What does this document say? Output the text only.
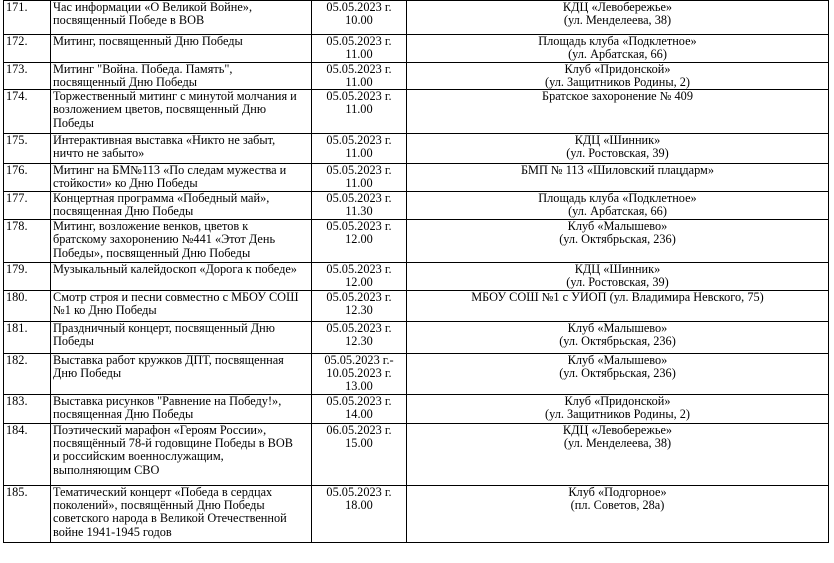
171.	Час информации «О Великой Войне»,
посвященный Победе в ВОВ	05.05.2023 г.
10.00	КДЦ «Левобережье»
(ул. Менделеева, 38)

172.	Митинг, посвященный Дню Победы	05.05.2023 г.
11.00	Площадь клуба «Подклетное»
(ул. Арбатская, 66)

173.	Митинг "Война. Победа. Память",
посвященный Дню Победы	05.05.2023 г.
11.00	Клуб «Придонской»
(ул. Защитников Родины, 2)

174.	Торжественный митинг с минутой молчания и
возложением цветов, посвященный Дню
Победы	05.05.2023 г.
11.00	Братское захоронение № 409

175.	Интерактивная выставка «Никто не забыт,
ничто не забыто»	05.05.2023 г.
11.00	КДЦ «Шинник»
(ул. Ростовская, 39)

176.	Митинг на БМ№113 «По следам мужества и
стойкости» ко Дню Победы	05.05.2023 г.
11.00	БМП № 113 «Шиловский плацдарм»

177.	Концертная программа «Победный май»,
посвященная Дню Победы	05.05.2023 г.
11.30	Площадь клуба «Подклетное»
(ул. Арбатская, 66)

178.	Митинг, возложение венков, цветов к
братскому захоронению №441 «Этот День
Победы», посвященный Дню Победы	05.05.2023 г.
12.00	Клуб «Малышево»
(ул. Октябрьская, 236)

179.	Музыкальный калейдоскоп «Дорога к победе»	05.05.2023 г.
12.00	КДЦ «Шинник»
(ул. Ростовская, 39)

180.	Смотр строя и песни совместно с МБОУ СОШ
№1 ко Дню Победы	05.05.2023 г.
12.30	МБОУ СОШ №1 с УИОП (ул. Владимира Невского, 75)

181.	Праздничный концерт, посвященный Дню
Победы	05.05.2023 г.
12.30	Клуб «Малышево»
(ул. Октябрьская, 236)

182.	Выставка работ кружков ДПТ, посвященная
Дню Победы	05.05.2023 г.-
10.05.2023 г.
13.00	Клуб «Малышево»
(ул. Октябрьская, 236)

183.	Выставка рисунков "Равнение на Победу!»,
посвященная Дню Победы	05.05.2023 г.
14.00	Клуб «Придонской»
(ул. Защитников Родины, 2)

184.	Поэтический марафон «Героям России»,
посвящённый 78-й годовщине Победы в ВОВ
и российским военнослужащим,
выполняющим СВО	06.05.2023 г.
15.00	КДЦ «Левобережье»
(ул. Менделеева, 38)

185.	Тематический концерт «Победа в сердцах
поколений», посвящённый Дню Победы
советского народа в Великой Отечественной
войне 1941-1945 годов	05.05.2023 г.
18.00	Клуб «Подгорное»
(пл. Советов, 28а)
